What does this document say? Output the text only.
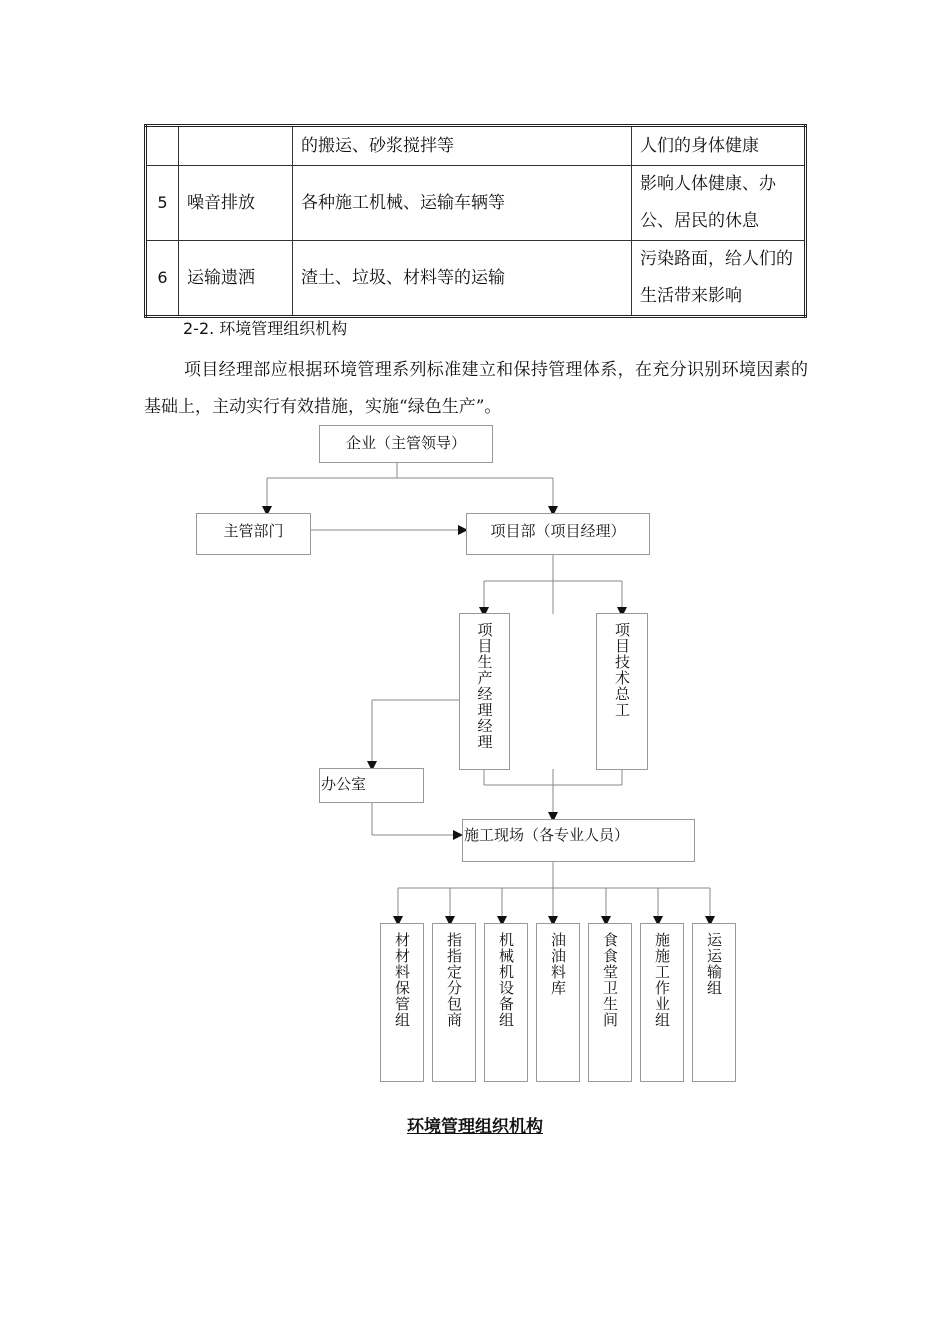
		的搬运、砂浆搅拌等	人们的身体健康
5	噪音排放	各种施工机械、运输车辆等	影响人体健康、办公、居民的休息
6	运输遗洒	渣土、垃圾、材料等的运输	污染路面，给人们的生活带来影响
2-2. 环境管理组织机构
项目经理部应根据环境管理系列标准建立和保持管理体系，在充分识别环境因素的基础上，主动实行有效措施，实施“绿色生产”。
企业（主管领导）
主管部门	项目部（项目经理）
项目生产经理经理	项目技术总工
办公室
施工现场（各专业人员）
材材料保管组 指指定分包商 机械机设备组 油油料库 食食堂卫生间 施施工作业组 运运输组
环境管理组织机构
